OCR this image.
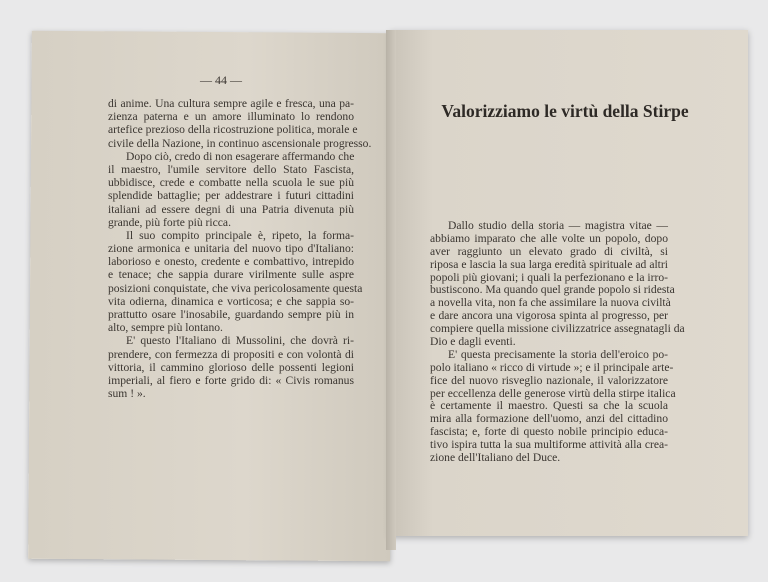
— 44 —
di anime. Una cultura sempre agile e fresca, una pa-
zienza paterna e un amore illuminato lo rendono
artefice prezioso della ricostruzione politica, morale e
civile della Nazione, in continuo ascensionale progresso.
Dopo ciò, credo di non esagerare affermando che
il maestro, l'umile servitore dello Stato Fascista,
ubbidisce, crede e combatte nella scuola le sue più
splendide battaglie; per addestrare i futuri cittadini
italiani ad essere degni di una Patria divenuta più
grande, più forte più ricca.
Il suo compito principale è, ripeto, la forma-
zione armonica e unitaria del nuovo tipo d'Italiano:
laborioso e onesto, credente e combattivo, intrepido
e tenace; che sappia durare virilmente sulle aspre
posizioni conquistate, che viva pericolosamente questa
vita odierna, dinamica e vorticosa; e che sappia so-
prattutto osare l'inosabile, guardando sempre più in
alto, sempre più lontano.
E' questo l'Italiano di Mussolini, che dovrà ri-
prendere, con fermezza di propositi e con volontà di
vittoria, il cammino glorioso delle possenti legioni
imperiali, al fiero e forte grido di: « Civis romanus
sum ! ».
Valorizziamo le virtù della Stirpe
Dallo studio della storia — magistra vitae —
abbiamo imparato che alle volte un popolo, dopo
aver raggiunto un elevato grado di civiltà, si
riposa e lascia la sua larga eredità spirituale ad altri
popoli più giovani; i quali la perfezionano e la irro-
bustiscono. Ma quando quel grande popolo si ridesta
a novella vita, non fa che assimilare la nuova civiltà
e dare ancora una vigorosa spinta al progresso, per
compiere quella missione civilizzatrice assegnatagli da
Dio e dagli eventi.
E' questa precisamente la storia dell'eroico po-
polo italiano « ricco di virtude »; e il principale arte-
fice del nuovo risveglio nazionale, il valorizzatore
per eccellenza delle generose virtù della stirpe italica
è certamente il maestro. Questi sa che la scuola
mira alla formazione dell'uomo, anzi del cittadino
fascista; e, forte di questo nobile principio educa-
tivo ispira tutta la sua multiforme attività alla crea-
zione dell'Italiano del Duce.
